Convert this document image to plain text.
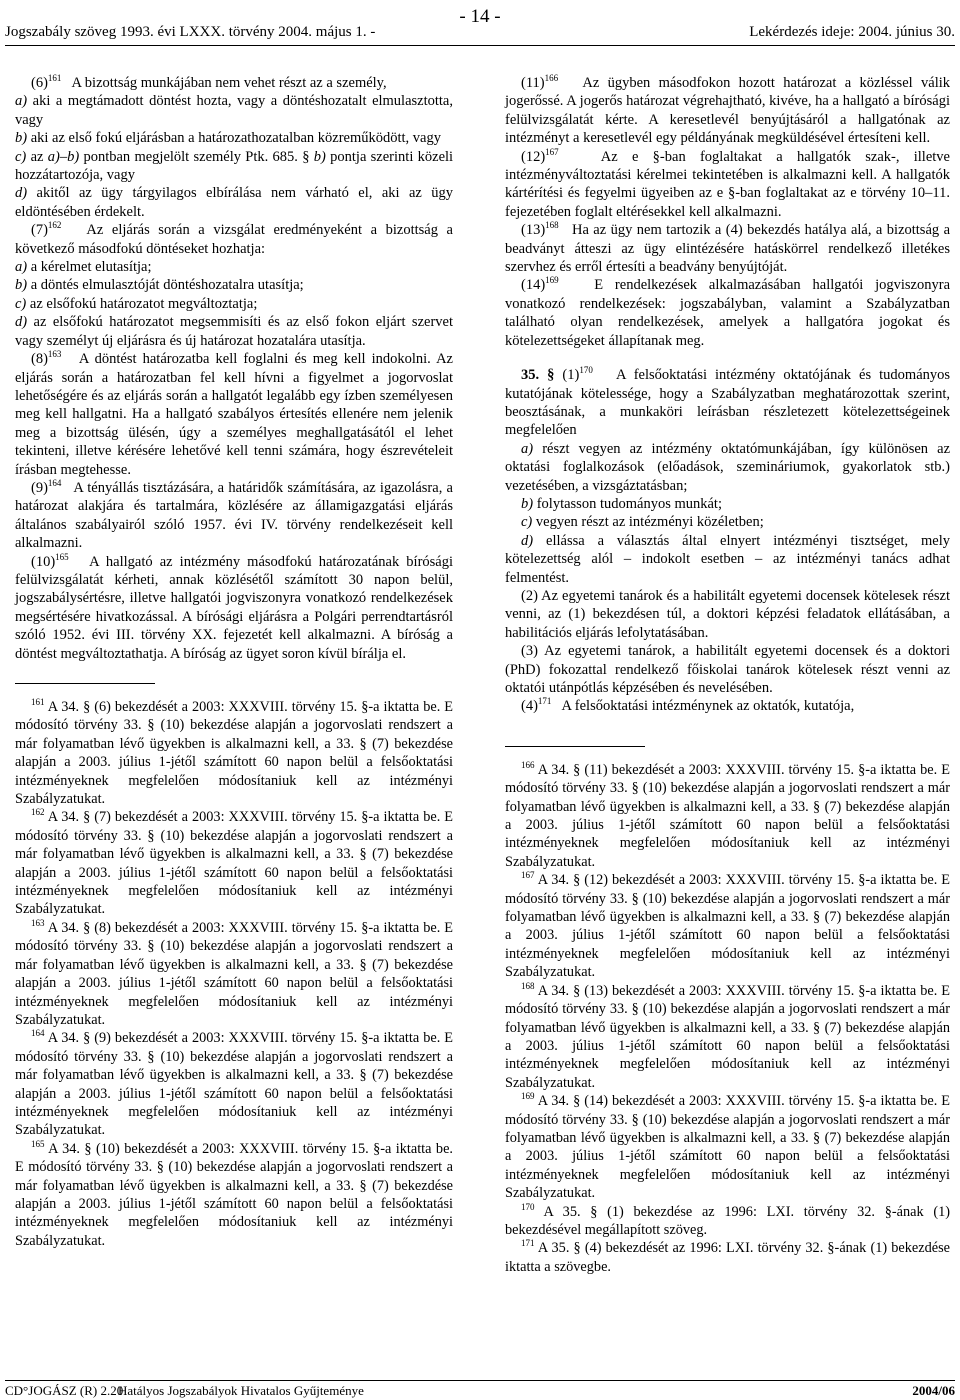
- 14 -
Jogszabály szöveg 1993. évi LXXX. törvény 2004. május 1. -	Lekérdezés ideje: 2004. június 30.

$(6)^{161}$ A bizottság munkájában nem vehet részt az a személy,

a) aki a megtámadott döntést hozta, vagy a döntéshozatalt elmulasztotta, vagy

b) aki az első fokú eljárásban a határozathozatalban közreműködött, vagy

c) az a)–b) pontban megjelölt személy Ptk. 685. § b) pontja szerinti közeli hozzátartozója, vagy

d) akitől az ügy tárgyilagos elbírálása nem várható el, aki az ügy eldöntésében érdekelt.

$(7)^{162}$ Az eljárás során a vizsgálat eredményeként a bizottság a következő másodfokú döntéseket hozhatja:

a) a kérelmet elutasítja;

b) a döntés elmulasztóját döntéshozatalra utasítja;

c) az elsőfokú határozatot megváltoztatja;

d) az elsőfokú határozatot megsemmisíti és az első fokon eljárt szervet vagy személyt új eljárásra és új határozat hozatalára utasítja.

$(8)^{163}$ A döntést határozatba kell foglalni és meg kell indokolni. Az eljárás során a határozatban fel kell hívni a figyelmet a jogorvoslat lehetőségére és az eljárás során a hallgatót legalább egy ízben személyesen meg kell hallgatni. Ha a hallgató szabályos értesítés ellenére nem jelenik meg a bizottság ülésén, úgy a személyes meghallgatásától el lehet tekinteni, illetve kérésére lehetővé kell tenni számára, hogy észrevételeit írásban megtehesse.

$(9)^{164}$ A tényállás tisztázására, a határidők számítására, az igazolásra, a határozat alakjára és tartalmára, közlésére az államigazgatási eljárás általános szabályairól szóló 1957. évi IV. törvény rendelkezéseit kell alkalmazni.

$(10)^{165}$ A hallgató az intézmény másodfokú határozatának bírósági felülvizsgálatát kérheti, annak közlésétől számított 30 napon belül, jogszabálysértésre, illetve hallgatói jogviszonyra vonatkozó rendelkezések megsértésére hivatkozással. A bírósági eljárásra a Polgári perrendtartásról szóló 1952. évi III. törvény XX. fejezetét kell alkalmazni. A bíróság a döntést megváltoztathatja. A bíróság az ügyet soron kívül bírálja el.

$^{161}$ A 34. § (6) bekezdését a 2003: XXXVIII. törvény 15. §-a iktatta be. E módosító törvény 33. § (10) bekezdése alapján a jogorvoslati rendszert a már folyamatban lévő ügyekben is alkalmazni kell, a 33. § (7) bekezdése alapján a 2003. július 1-jétől számított 60 napon belül a felsőoktatási intézményeknek megfelelően módosítaniuk kell az intézményi Szabályzatukat.

$^{162}$ A 34. § (7) bekezdését a 2003: XXXVIII. törvény 15. §-a iktatta be. E módosító törvény 33. § (10) bekezdése alapján a jogorvoslati rendszert a már folyamatban lévő ügyekben is alkalmazni kell, a 33. § (7) bekezdése alapján a 2003. július 1-jétől számított 60 napon belül a felsőoktatási intézményeknek megfelelően módosítaniuk kell az intézményi Szabályzatukat.

$^{163}$ A 34. § (8) bekezdését a 2003: XXXVIII. törvény 15. §-a iktatta be. E módosító törvény 33. § (10) bekezdése alapján a jogorvoslati rendszert a már folyamatban lévő ügyekben is alkalmazni kell, a 33. § (7) bekezdése alapján a 2003. július 1-jétől számított 60 napon belül a felsőoktatási intézményeknek megfelelően módosítaniuk kell az intézményi Szabályzatukat.

$^{164}$ A 34. § (9) bekezdését a 2003: XXXVIII. törvény 15. §-a iktatta be. E módosító törvény 33. § (10) bekezdése alapján a jogorvoslati rendszert a már folyamatban lévő ügyekben is alkalmazni kell, a 33. § (7) bekezdése alapján a 2003. július 1-jétől számított 60 napon belül a felsőoktatási intézményeknek megfelelően módosítaniuk kell az intézményi Szabályzatukat.

$^{165}$ A 34. § (10) bekezdését a 2003: XXXVIII. törvény 15. §-a iktatta be. E módosító törvény 33. § (10) bekezdése alapján a jogorvoslati rendszert a már folyamatban lévő ügyekben is alkalmazni kell, a 33. § (7) bekezdése alapján a 2003. július 1-jétől számított 60 napon belül a felsőoktatási intézményeknek megfelelően módosítaniuk kell az intézményi Szabályzatukat.

$(11)^{166}$ Az ügyben másodfokon hozott határozat a közléssel válik jogerőssé. A jogerős határozat végrehajtható, kivéve, ha a hallgató a bírósági felülvizsgálatát kérte. A keresetlevél benyújtásáról a hallgatónak az intézményt a keresetlevél egy példányának megküldésével értesíteni kell.

$(12)^{167}$	Az e §-ban foglaltakat a hallgatók szak-, illetve intézményváltoztatási kérelmei tekintetében is alkalmazni kell. A hallgatók kártérítési és fegyelmi ügyeiben az e §-ban foglaltakat az e törvény 10–11. fejezetében foglalt eltérésekkel kell alkalmazni.

$(13)^{168}$ Ha az ügy nem tartozik a (4) bekezdés hatálya alá, a bizottság a beadványt átteszi az ügy elintézésére hatáskörrel rendelkező illetékes szervhez és erről értesíti a beadvány benyújtóját.

$(14)^{169}$ E rendelkezések alkalmazásában hallgatói jogviszonyra vonatkozó rendelkezések: jogszabályban, valamint a Szabályzatban található olyan rendelkezések, amelyek a hallgatóra jogokat és kötelezettségeket állapítanak meg.

35. § $(1)^{170}$ A felsőoktatási intézmény oktatójának és tudományos kutatójának kötelessége, hogy a Szabályzatban meghatározottak szerint, beosztásának, a munkaköri leírásban részletezett kötelezettségeinek megfelelően

a) részt vegyen az intézmény oktatómunkájában, így különösen az oktatási foglalkozások (előadások, szemináriumok, gyakorlatok stb.) vezetésében, a vizsgáztatásban;

b) folytasson tudományos munkát;

c) vegyen részt az intézményi közéletben;

d) ellássa a választás által elnyert intézményi tisztséget, mely kötelezettség alól – indokolt esetben – az intézményi tanács adhat felmentést.

(2) Az egyetemi tanárok és a habilitált egyetemi docensek kötelesek részt venni, az (1) bekezdésen túl, a doktori képzési feladatok ellátásában, a habilitációs eljárás lefolytatásában.

(3) Az egyetemi tanárok, a habilitált egyetemi docensek és a doktori (PhD) fokozattal rendelkező főiskolai tanárok kötelesek részt venni az oktatói utánpótlás képzésében és nevelésében.

$(4)^{171}$ A felsőoktatási intézménynek az oktatók, kutatója,

$^{166}$ A 34. § (11) bekezdését a 2003: XXXVIII. törvény 15. §-a iktatta be. E módosító törvény 33. § (10) bekezdése alapján a jogorvoslati rendszert a már folyamatban lévő ügyekben is alkalmazni kell, a 33. § (7) bekezdése alapján a 2003. július 1-jétől számított 60 napon belül a felsőoktatási intézményeknek megfelelően módosítaniuk kell az intézményi Szabályzatukat.

$^{167}$ A 34. § (12) bekezdését a 2003: XXXVIII. törvény 15. §-a iktatta be. E módosító törvény 33. § (10) bekezdése alapján a jogorvoslati rendszert a már folyamatban lévő ügyekben is alkalmazni kell, a 33. § (7) bekezdése alapján a 2003. július 1-jétől számított 60 napon belül a felsőoktatási intézményeknek megfelelően módosítaniuk kell az intézményi Szabályzatukat.

$^{168}$ A 34. § (13) bekezdését a 2003: XXXVIII. törvény 15. §-a iktatta be. E módosító törvény 33. § (10) bekezdése alapján a jogorvoslati rendszert a már folyamatban lévő ügyekben is alkalmazni kell, a 33. § (7) bekezdése alapján a 2003. július 1-jétől számított 60 napon belül a felsőoktatási intézményeknek megfelelően módosítaniuk kell az intézményi Szabályzatukat.

$^{169}$ A 34. § (14) bekezdését a 2003: XXXVIII. törvény 15. §-a iktatta be. E módosító törvény 33. § (10) bekezdése alapján a jogorvoslati rendszert a már folyamatban lévő ügyekben is alkalmazni kell, a 33. § (7) bekezdése alapján a 2003. július 1-jétől számított 60 napon belül a felsőoktatási intézményeknek megfelelően módosítaniuk kell az intézményi Szabályzatukat.

$^{170}$ A 35. § (1) bekezdése az 1996: LXI. törvény 32. §-ának (1) bekezdésével megállapított szöveg.

$^{171}$ A 35. § (4) bekezdését az 1996: LXI. törvény 32. §-ának (1) bekezdése iktatta a szövegbe.

CD°JOGÁSZ (R) 2.20
Hatályos Jogszabályok Hivatalos Gyűjteménye	2004/06
